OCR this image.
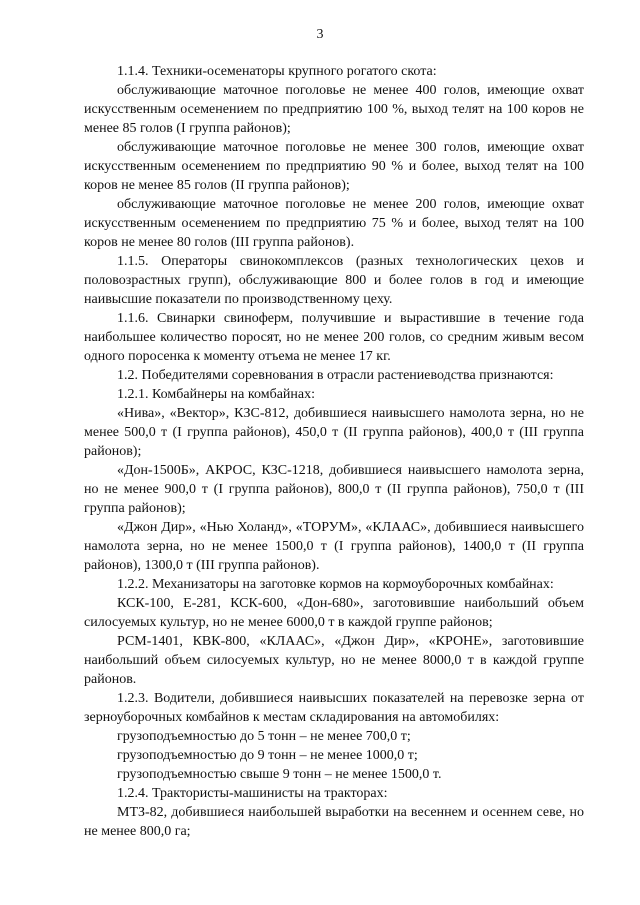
3

1.1.4. Техники-осеменаторы крупного рогатого скота:

обслуживающие маточное поголовье не менее 400 голов, имеющие охват искусственным осеменением по предприятию 100 %, выход телят на 100 коров не менее 85 голов (I группа районов);

обслуживающие маточное поголовье не менее 300 голов, имеющие охват искусственным осеменением по предприятию 90 % и более, выход телят на 100 коров не менее 85 голов (II группа районов);

обслуживающие маточное поголовье не менее 200 голов, имеющие охват искусственным осеменением по предприятию 75 % и более, выход телят на 100 коров не менее 80 голов (III группа районов).

1.1.5. Операторы свинокомплексов (разных технологических цехов и половозрастных групп), обслуживающие 800 и более голов в год и имеющие наивысшие показатели по производственному цеху.

1.1.6. Свинарки свиноферм, получившие и вырастившие в течение года наибольшее количество поросят, но не менее 200 голов, со средним живым весом одного поросенка к моменту отъема не менее 17 кг.

1.2. Победителями соревнования в отрасли растениеводства признаются:

1.2.1. Комбайнеры на комбайнах:

«Нива», «Вектор», КЗС-812, добившиеся наивысшего намолота зерна, но не менее 500,0 т (I группа районов), 450,0 т (II группа районов), 400,0 т (III группа районов);

«Дон-1500Б», АКРОС, КЗС-1218, добившиеся наивысшего намолота зерна, но не менее 900,0 т (I группа районов), 800,0 т (II группа районов), 750,0 т (III группа районов);

«Джон Дир», «Нью Холанд», «ТОРУМ», «КЛААС», добившиеся наивысшего намолота зерна, но не менее 1500,0 т (I группа районов), 1400,0 т (II группа районов), 1300,0 т (III группа районов).

1.2.2. Механизаторы на заготовке кормов на кормоуборочных комбайнах:

КСК-100, Е-281, КСК-600, «Дон-680», заготовившие наибольший объем силосуемых культур, но не менее 6000,0 т в каждой группе районов;

РСМ-1401, КВК-800, «КЛААС», «Джон Дир», «КРОНЕ», заготовившие наибольший объем силосуемых культур, но не менее 8000,0 т в каждой группе районов.

1.2.3. Водители, добившиеся наивысших показателей на перевозке зерна от зерноуборочных комбайнов к местам складирования на автомобилях:

грузоподъемностью до 5 тонн – не менее 700,0 т;

грузоподъемностью до 9 тонн – не менее 1000,0 т;

грузоподъемностью свыше 9 тонн – не менее 1500,0 т.

1.2.4. Трактористы-машинисты на тракторах:

МТЗ-82, добившиеся наибольшей выработки на весеннем и осеннем севе, но не менее 800,0 га;
